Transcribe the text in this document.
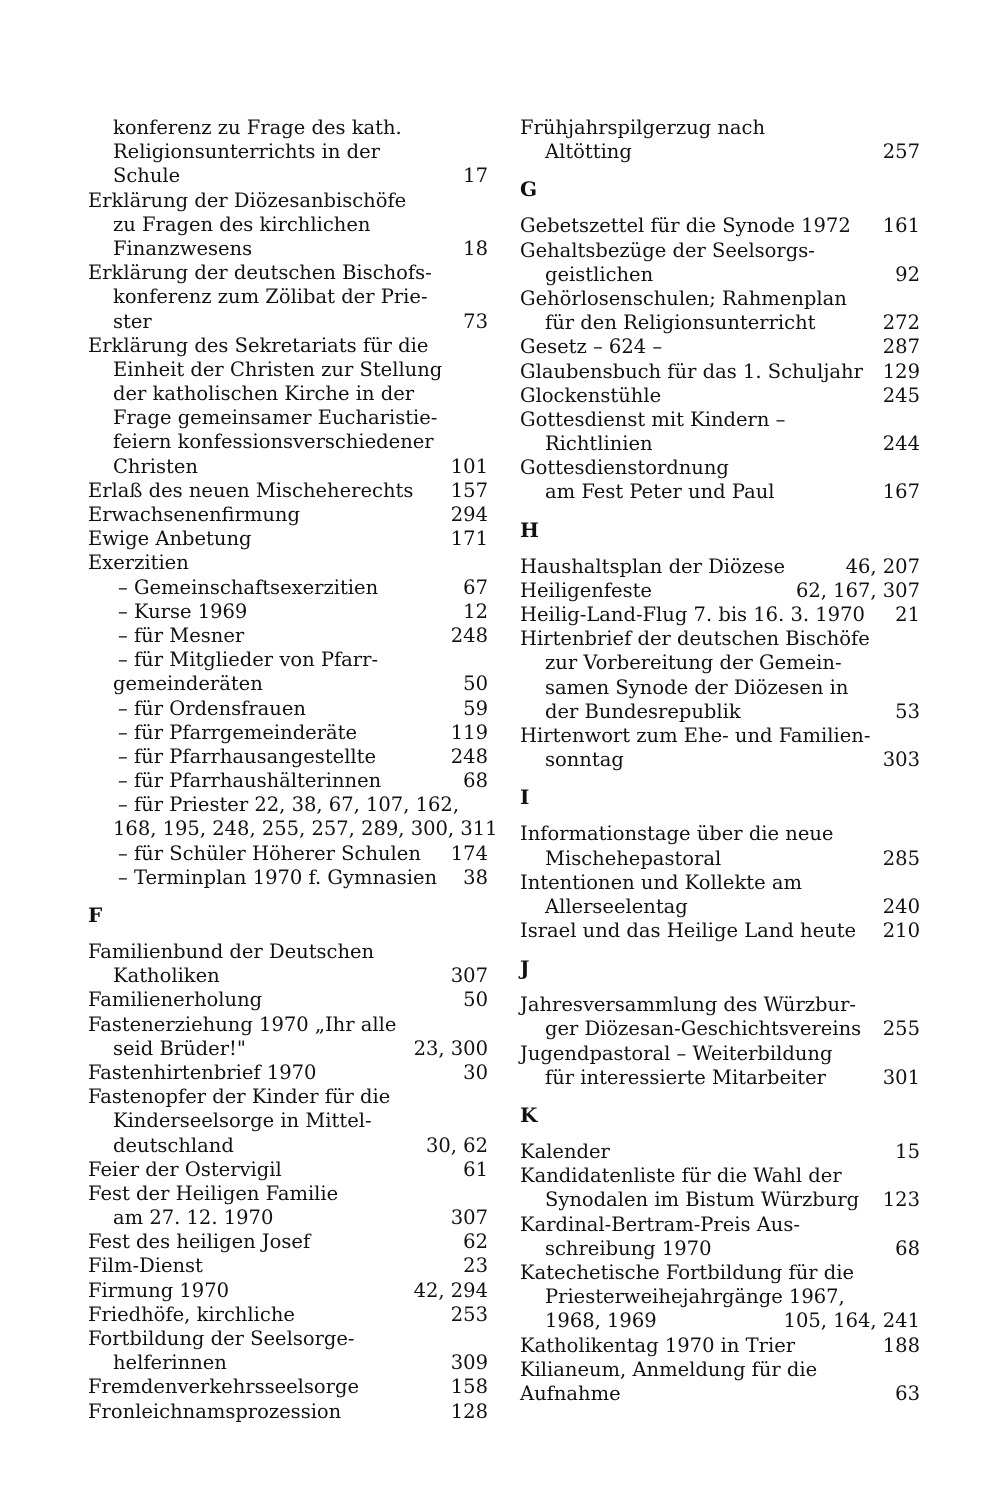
konferenz zu Frage des kath.
Religionsunterrichts in der
Schule	17
Erklärung der Diözesanbischöfe
zu Fragen des kirchlichen
Finanzwesens	18
Erklärung der deutschen Bischofs-
konferenz zum Zölibat der Prie-
ster	73
Erklärung des Sekretariats für die
Einheit der Christen zur Stellung
der katholischen Kirche in der
Frage gemeinsamer Eucharistie-
feiern konfessionsverschiedener
Christen	101
Erlaß des neuen Mischeherechts 157
Erwachsenenfirmung	294
Ewige Anbetung	171
Exerzitien
– Gemeinschaftsexerzitien	67
– Kurse 1969	12
– für Mesner	248
– für Mitglieder von Pfarr-
gemeinderäten	50
– für Ordensfrauen	59
– für Pfarrgemeinderäte	119
– für Pfarrhausangestellte	248
– für Pfarrhaushälterinnen	68
– für Priester 22, 38, 67, 107, 162,
168, 195, 248, 255, 257, 289, 300, 311
– für Schüler Höherer Schulen 174
– Terminplan 1970 f. Gymnasien 38
F
Familienbund der Deutschen
Katholiken	307
Familienerholung	50
Fastenerziehung 1970 „Ihr alle
seid Brüder!"	23, 300
Fastenhirtenbrief 1970	30
Fastenopfer der Kinder für die
Kinderseelsorge in Mittel-
deutschland	30, 62
Feier der Ostervigil	61
Fest der Heiligen Familie
am 27. 12. 1970	307
Fest des heiligen Josef	62
Film-Dienst	23
Firmung 1970	42, 294
Friedhöfe, kirchliche	253
Fortbildung der Seelsorge-
helferinnen	309
Fremdenverkehrsseelsorge	158
Fronleichnamsprozession	128
Frühjahrspilgerzug nach
Altötting	257
G
Gebetszettel für die Synode 1972 161
Gehaltsbezüge der Seelsorgs-
geistlichen	92
Gehörlosenschulen; Rahmenplan
für den Religionsunterricht	272
Gesetz – 624 –	287
Glaubensbuch für das 1. Schuljahr 129
Glockenstühle	245
Gottesdienst mit Kindern –
Richtlinien	244
Gottesdienstordnung
am Fest Peter und Paul	167
H
Haushaltsplan der Diözese	46, 207
Heiligenfeste	62, 167, 307
Heilig-Land-Flug 7. bis 16. 3. 1970 21
Hirtenbrief der deutschen Bischöfe
zur Vorbereitung der Gemein-
samen Synode der Diözesen in
der Bundesrepublik	53
Hirtenwort zum Ehe- und Familien-
sonntag	303
I
Informationstage über die neue
Mischehepastoral	285
Intentionen und Kollekte am
Allerseelentag	240
Israel und das Heilige Land heute 210
J
Jahresversammlung des Würzbur-
ger Diözesan-Geschichtsvereins 255
Jugendpastoral – Weiterbildung
für interessierte Mitarbeiter	301
K
Kalender	15
Kandidatenliste für die Wahl der
Synodalen im Bistum Würzburg 123
Kardinal-Bertram-Preis Aus-
schreibung 1970	68
Katechetische Fortbildung für die
Priesterweihejahrgänge 1967,
1968, 1969	105, 164, 241
Katholikentag 1970 in Trier	188
Kilianeum, Anmeldung für die
Aufnahme	63
